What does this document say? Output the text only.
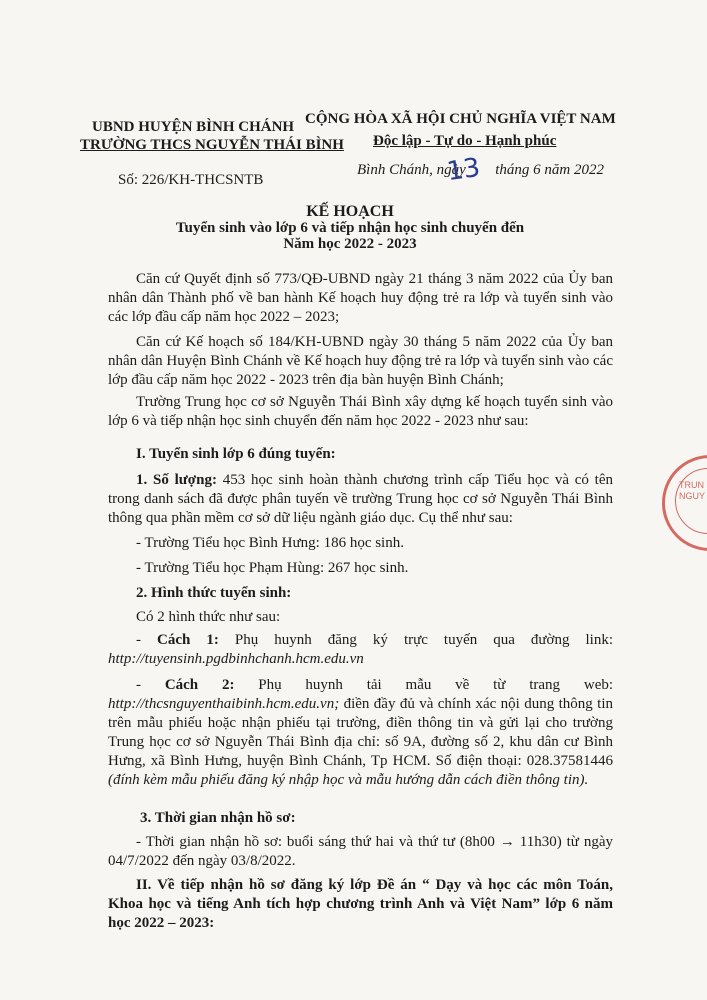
UBND HUYỆN BÌNH CHÁNH
TRƯỜNG THCS NGUYỄN THÁI BÌNH
CỘNG HÒA XÃ HỘI CHỦ NGHĨA VIỆT NAM
Độc lập - Tự do - Hạnh phúc
Số: 226/KH-THCSNTB
Bình Chánh, ngày tháng 6 năm 2022
13
KẾ HOẠCH
Tuyển sinh vào lớp 6 và tiếp nhận học sinh chuyển đến
Năm học 2022 - 2023
Căn cứ Quyết định số 773/QĐ-UBND ngày 21 tháng 3 năm 2022 của Ủy ban nhân dân Thành phố về ban hành Kế hoạch huy động trẻ ra lớp và tuyển sinh vào các lớp đầu cấp năm học 2022 – 2023;
Căn cứ Kế hoạch số 184/KH-UBND ngày 30 tháng 5 năm 2022 của Ủy ban nhân dân Huyện Bình Chánh về Kế hoạch huy động trẻ ra lớp và tuyển sinh vào các lớp đầu cấp năm học 2022 - 2023 trên địa bàn huyện Bình Chánh;
Trường Trung học cơ sở Nguyễn Thái Bình xây dựng kế hoạch tuyển sinh vào lớp 6 và tiếp nhận học sinh chuyển đến năm học 2022 - 2023 như sau:
I. Tuyển sinh lớp 6 đúng tuyến:
1. Số lượng: 453 học sinh hoàn thành chương trình cấp Tiểu học và có tên trong danh sách đã được phân tuyến về trường Trung học cơ sở Nguyễn Thái Bình thông qua phần mềm cơ sở dữ liệu ngành giáo dục. Cụ thể như sau:
- Trường Tiểu học Bình Hưng: 186 học sinh.
- Trường Tiểu học Phạm Hùng: 267 học sinh.
2. Hình thức tuyển sinh:
Có 2 hình thức như sau:
- Cách 1: Phụ huynh đăng ký trực tuyến qua đường link: http://tuyensinh.pgdbinhchanh.hcm.edu.vn
- Cách 2: Phụ huynh tải mẫu về từ trang web: http://thcsnguyenthaibinh.hcm.edu.vn; điền đầy đủ và chính xác nội dung thông tin trên mẫu phiếu hoặc nhận phiếu tại trường, điền thông tin và gửi lại cho trường Trung học cơ sở Nguyễn Thái Bình địa chỉ: số 9A, đường số 2, khu dân cư Bình Hưng, xã Bình Hưng, huyện Bình Chánh, Tp HCM. Số điện thoại: 028.37581446 (đính kèm mẫu phiếu đăng ký nhập học và mẫu hướng dẫn cách điền thông tin).
3. Thời gian nhận hồ sơ:
- Thời gian nhận hồ sơ: buổi sáng thứ hai và thứ tư (8h00 → 11h30) từ ngày 04/7/2022 đến ngày 03/8/2022.
II. Về tiếp nhận hồ sơ đăng ký lớp Đề án “ Dạy và học các môn Toán, Khoa học và tiếng Anh tích hợp chương trình Anh và Việt Nam” lớp 6 năm học 2022 – 2023:
TRUN
NGUY
